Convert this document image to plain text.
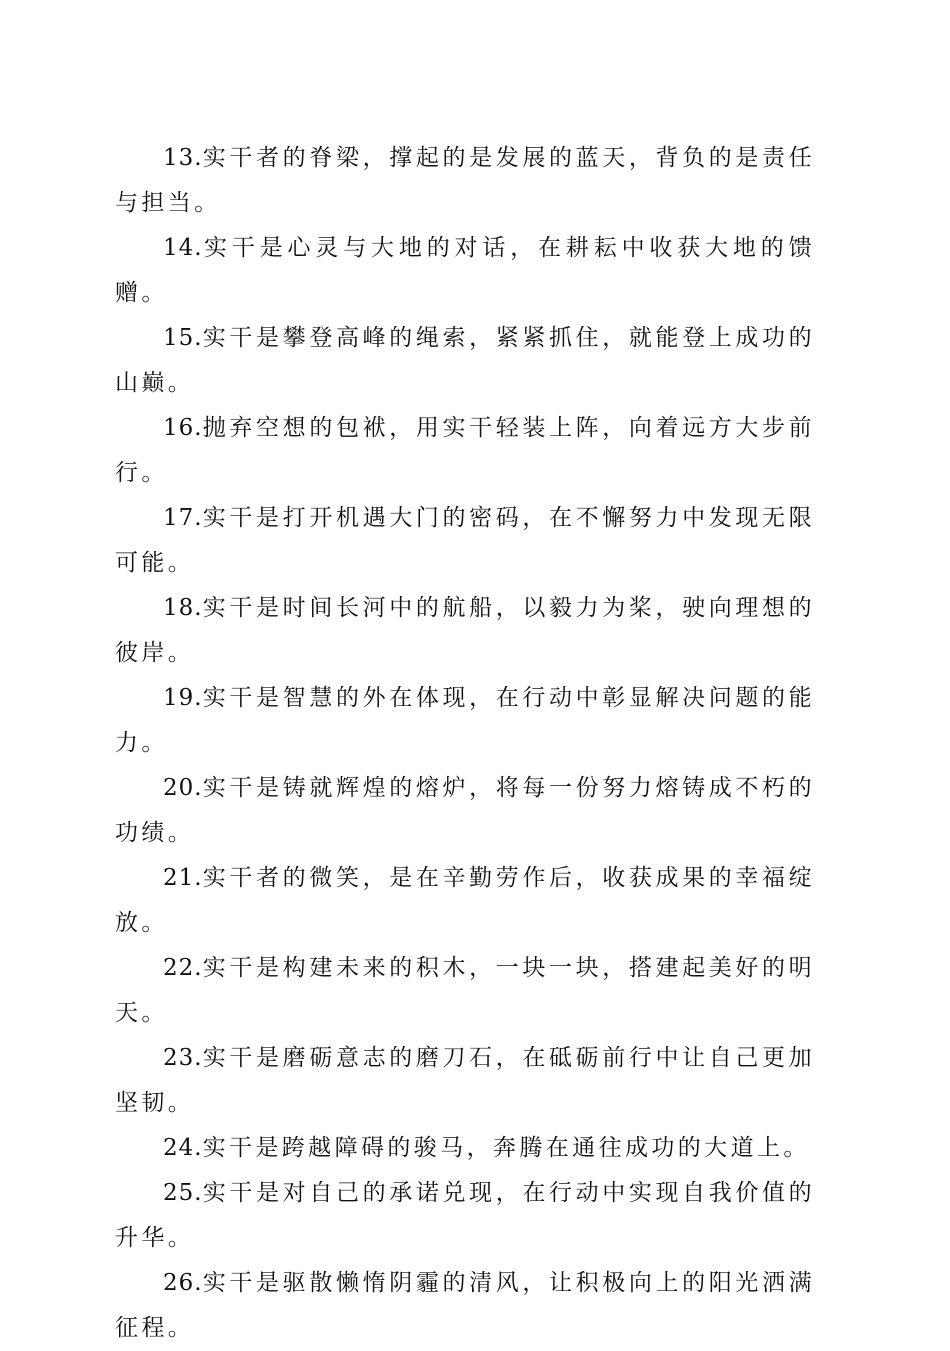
13.实干者的脊梁，撑起的是发展的蓝天，背负的是责任与担当。

14.实干是心灵与大地的对话，在耕耘中收获大地的馈赠。

15.实干是攀登高峰的绳索，紧紧抓住，就能登上成功的山巅。

16.抛弃空想的包袱，用实干轻装上阵，向着远方大步前行。

17.实干是打开机遇大门的密码，在不懈努力中发现无限可能。

18.实干是时间长河中的航船，以毅力为桨，驶向理想的彼岸。

19.实干是智慧的外在体现，在行动中彰显解决问题的能力。

20.实干是铸就辉煌的熔炉，将每一份努力熔铸成不朽的功绩。

21.实干者的微笑，是在辛勤劳作后，收获成果的幸福绽放。

22.实干是构建未来的积木，一块一块，搭建起美好的明天。

23.实干是磨砺意志的磨刀石，在砥砺前行中让自己更加坚韧。

24.实干是跨越障碍的骏马，奔腾在通往成功的大道上。

25.实干是对自己的承诺兑现，在行动中实现自我价值的升华。

26.实干是驱散懒惰阴霾的清风，让积极向上的阳光洒满征程。
